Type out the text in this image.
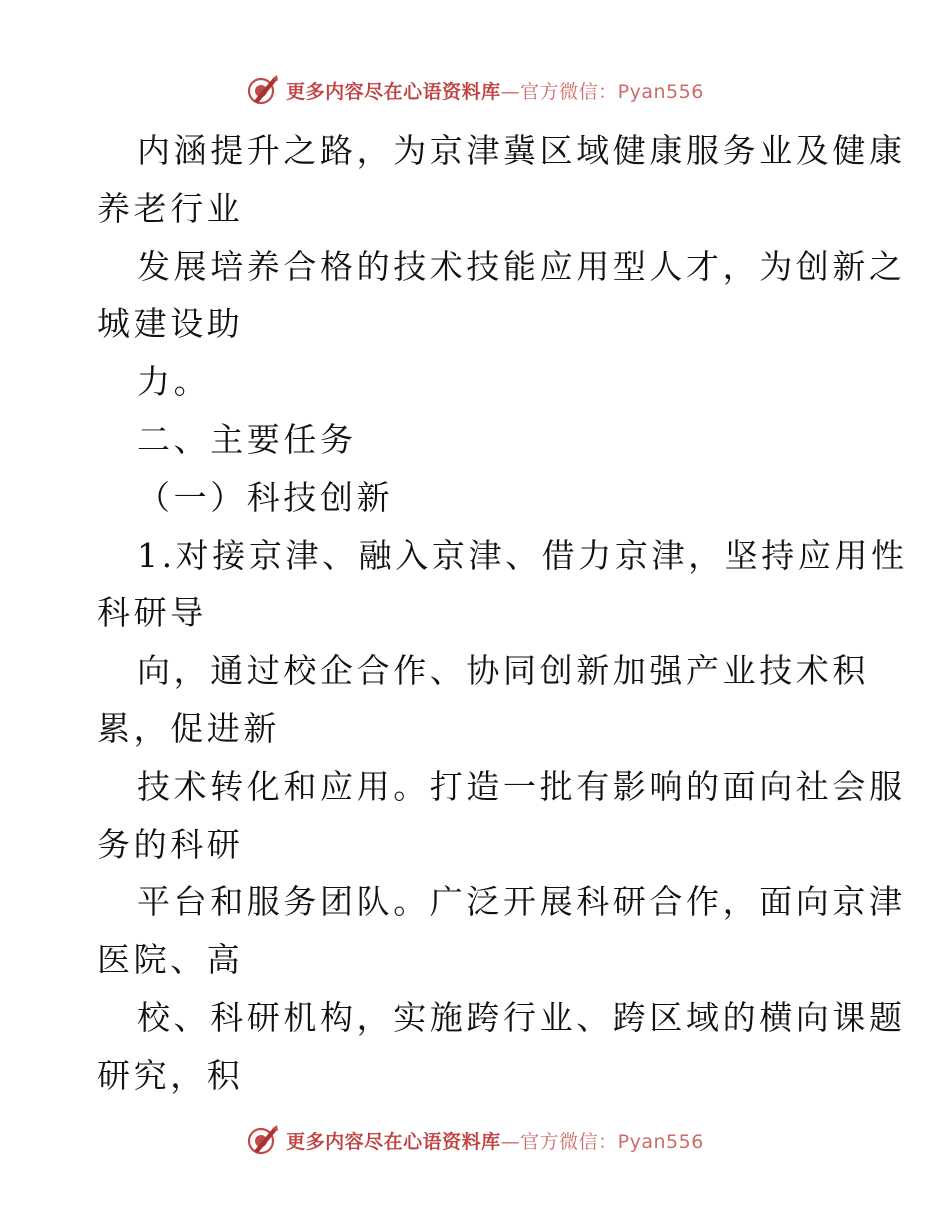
更多内容尽在心语资料库—官方微信：Pyan556
内涵提升之路，为京津冀区域健康服务业及健康
养老行业
发展培养合格的技术技能应用型人才，为创新之
城建设助
力。
二、主要任务
（一）科技创新
1.对接京津、融入京津、借力京津，坚持应用性
科研导
向，通过校企合作、协同创新加强产业技术积
累，促进新
技术转化和应用。打造一批有影响的面向社会服
务的科研
平台和服务团队。广泛开展科研合作，面向京津
医院、高
校、科研机构，实施跨行业、跨区域的横向课题
研究，积
更多内容尽在心语资料库—官方微信：Pyan556
